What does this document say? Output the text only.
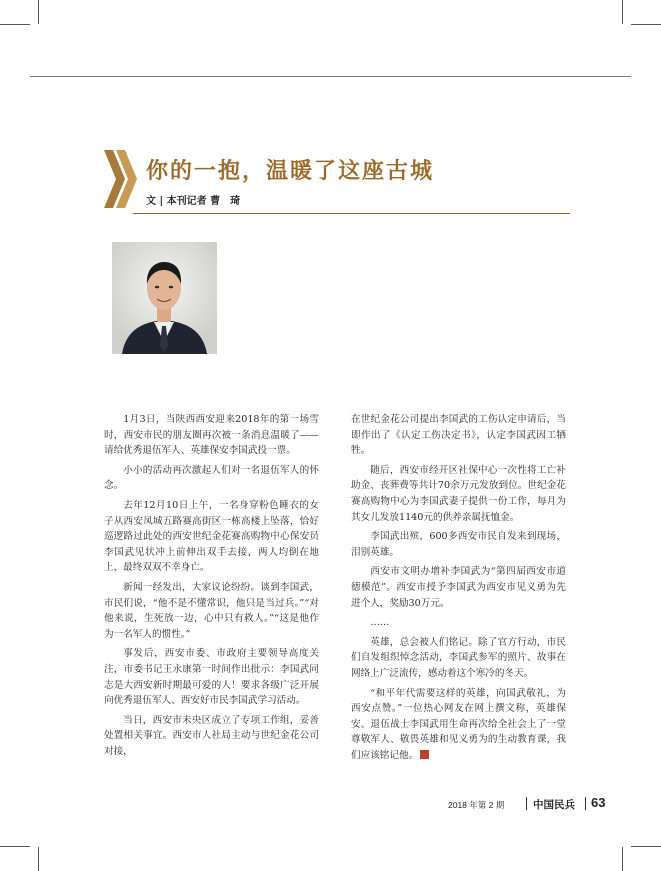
你的一抱，温暖了这座古城
文 | 本刊记者 曹　琦

1月3日，当陕西西安迎来2018年的第一场雪时，西安市民的朋友圈再次被一条消息温暖了——请给优秀退伍军人、英雄保安李国武投一票。

小小的活动再次激起人们对一名退伍军人的怀念。

去年12月10日上午，一名身穿粉色睡衣的女子从西安凤城五路赛高街区一栋高楼上坠落，恰好巡逻路过此处的西安世纪金花赛高购物中心保安员李国武见状冲上前伸出双手去接，两人均倒在地上，最终双双不幸身亡。

新闻一经发出，大家议论纷纷。谈到李国武，市民们说，“他不是不懂常识，他只是当过兵。”“对他来说，生死放一边，心中只有救人。”“这是他作为一名军人的惯性。”

事发后，西安市委、市政府主要领导高度关注，市委书记王永康第一时间作出批示：李国武同志是大西安新时期最可爱的人！要求各级广泛开展向优秀退伍军人、西安好市民李国武学习活动。

当日，西安市未央区成立了专项工作组，妥善处置相关事宜。西安市人社局主动与世纪金花公司对接，

在世纪金花公司提出李国武的工伤认定申请后，当即作出了《认定工伤决定书》，认定李国武因工牺牲。

随后，西安市经开区社保中心一次性将工亡补助金、丧葬费等共计70余万元发放到位。世纪金花赛高购物中心为李国武妻子提供一份工作，每月为其女儿发放1140元的供养亲属抚恤金。

李国武出殡，600多西安市民自发来到现场，泪别英雄。

西安市文明办增补李国武为“第四届西安市道德模范”。西安市授予李国武为西安市见义勇为先进个人，奖励30万元。

……

英雄，总会被人们铭记。除了官方行动，市民们自发组织悼念活动，李国武参军的照片、故事在网络上广泛流传，感动着这个寒冷的冬天。

“和平年代需要这样的英雄，向国武敬礼，为西安点赞。”一位热心网友在网上撰文称，英雄保安、退伍战士李国武用生命再次给全社会上了一堂尊敬军人、敬畏英雄和见义勇为的生动教育课，我们应该铭记他。

2018 年第 2 期	中国民兵 63
